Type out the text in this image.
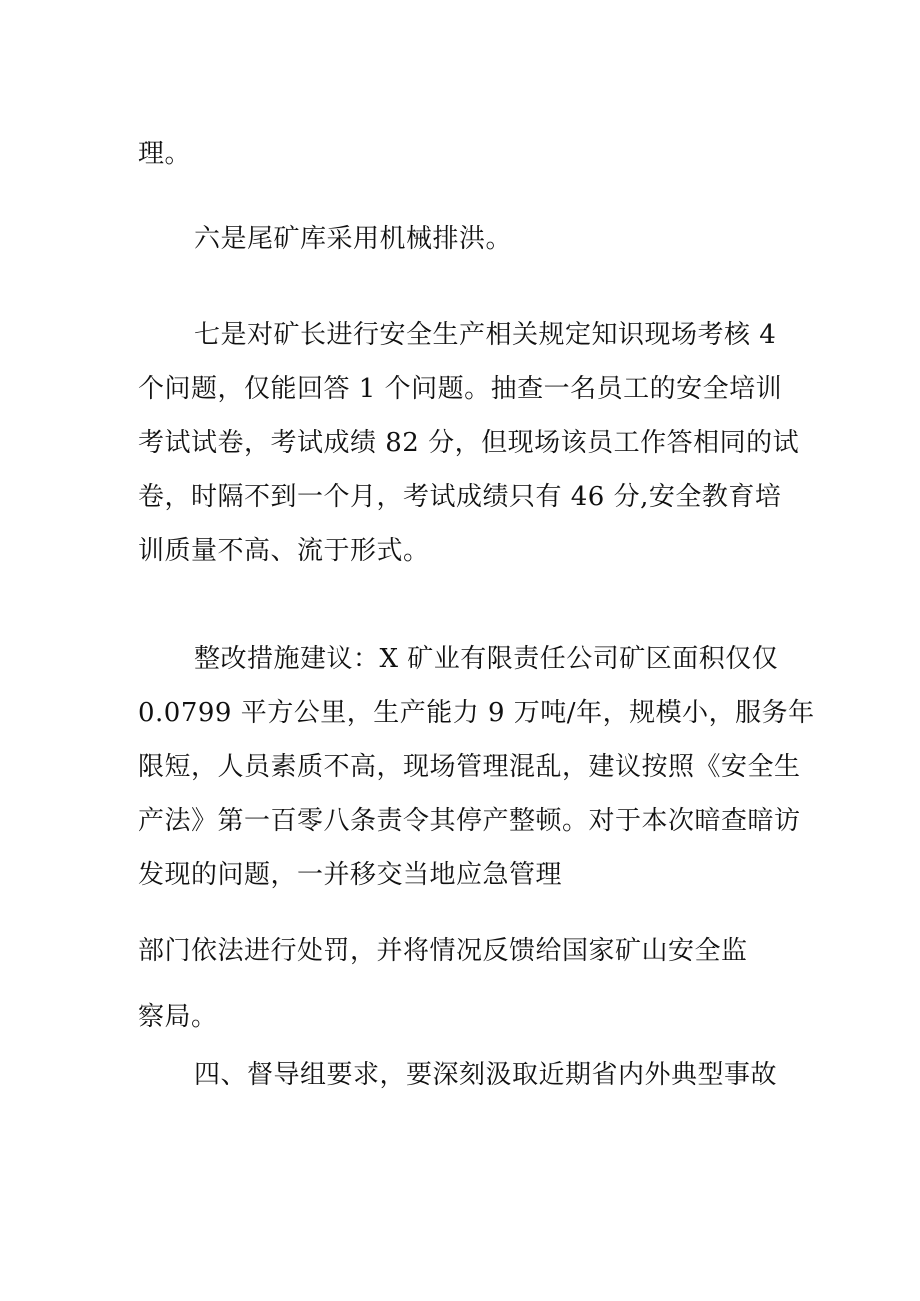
理。
六是尾矿库采用机械排洪。
七是对矿长进行安全生产相关规定知识现场考核 4
个问题，仅能回答 1 个问题。抽查一名员工的安全培训
考试试卷，考试成绩 82 分，但现场该员工作答相同的试
卷，时隔不到一个月，考试成绩只有 46 分,安全教育培
训质量不高、流于形式。
整改措施建议：X 矿业有限责任公司矿区面积仅仅
0.0799 平方公里，生产能力 9 万吨/年，规模小，服务年
限短，人员素质不高，现场管理混乱，建议按照《安全生
产法》第一百零八条责令其停产整顿。对于本次暗查暗访
发现的问题，一并移交当地应急管理
部门依法进行处罚，并将情况反馈给国家矿山安全监
察局。
四、督导组要求，要深刻汲取近期省内外典型事故
